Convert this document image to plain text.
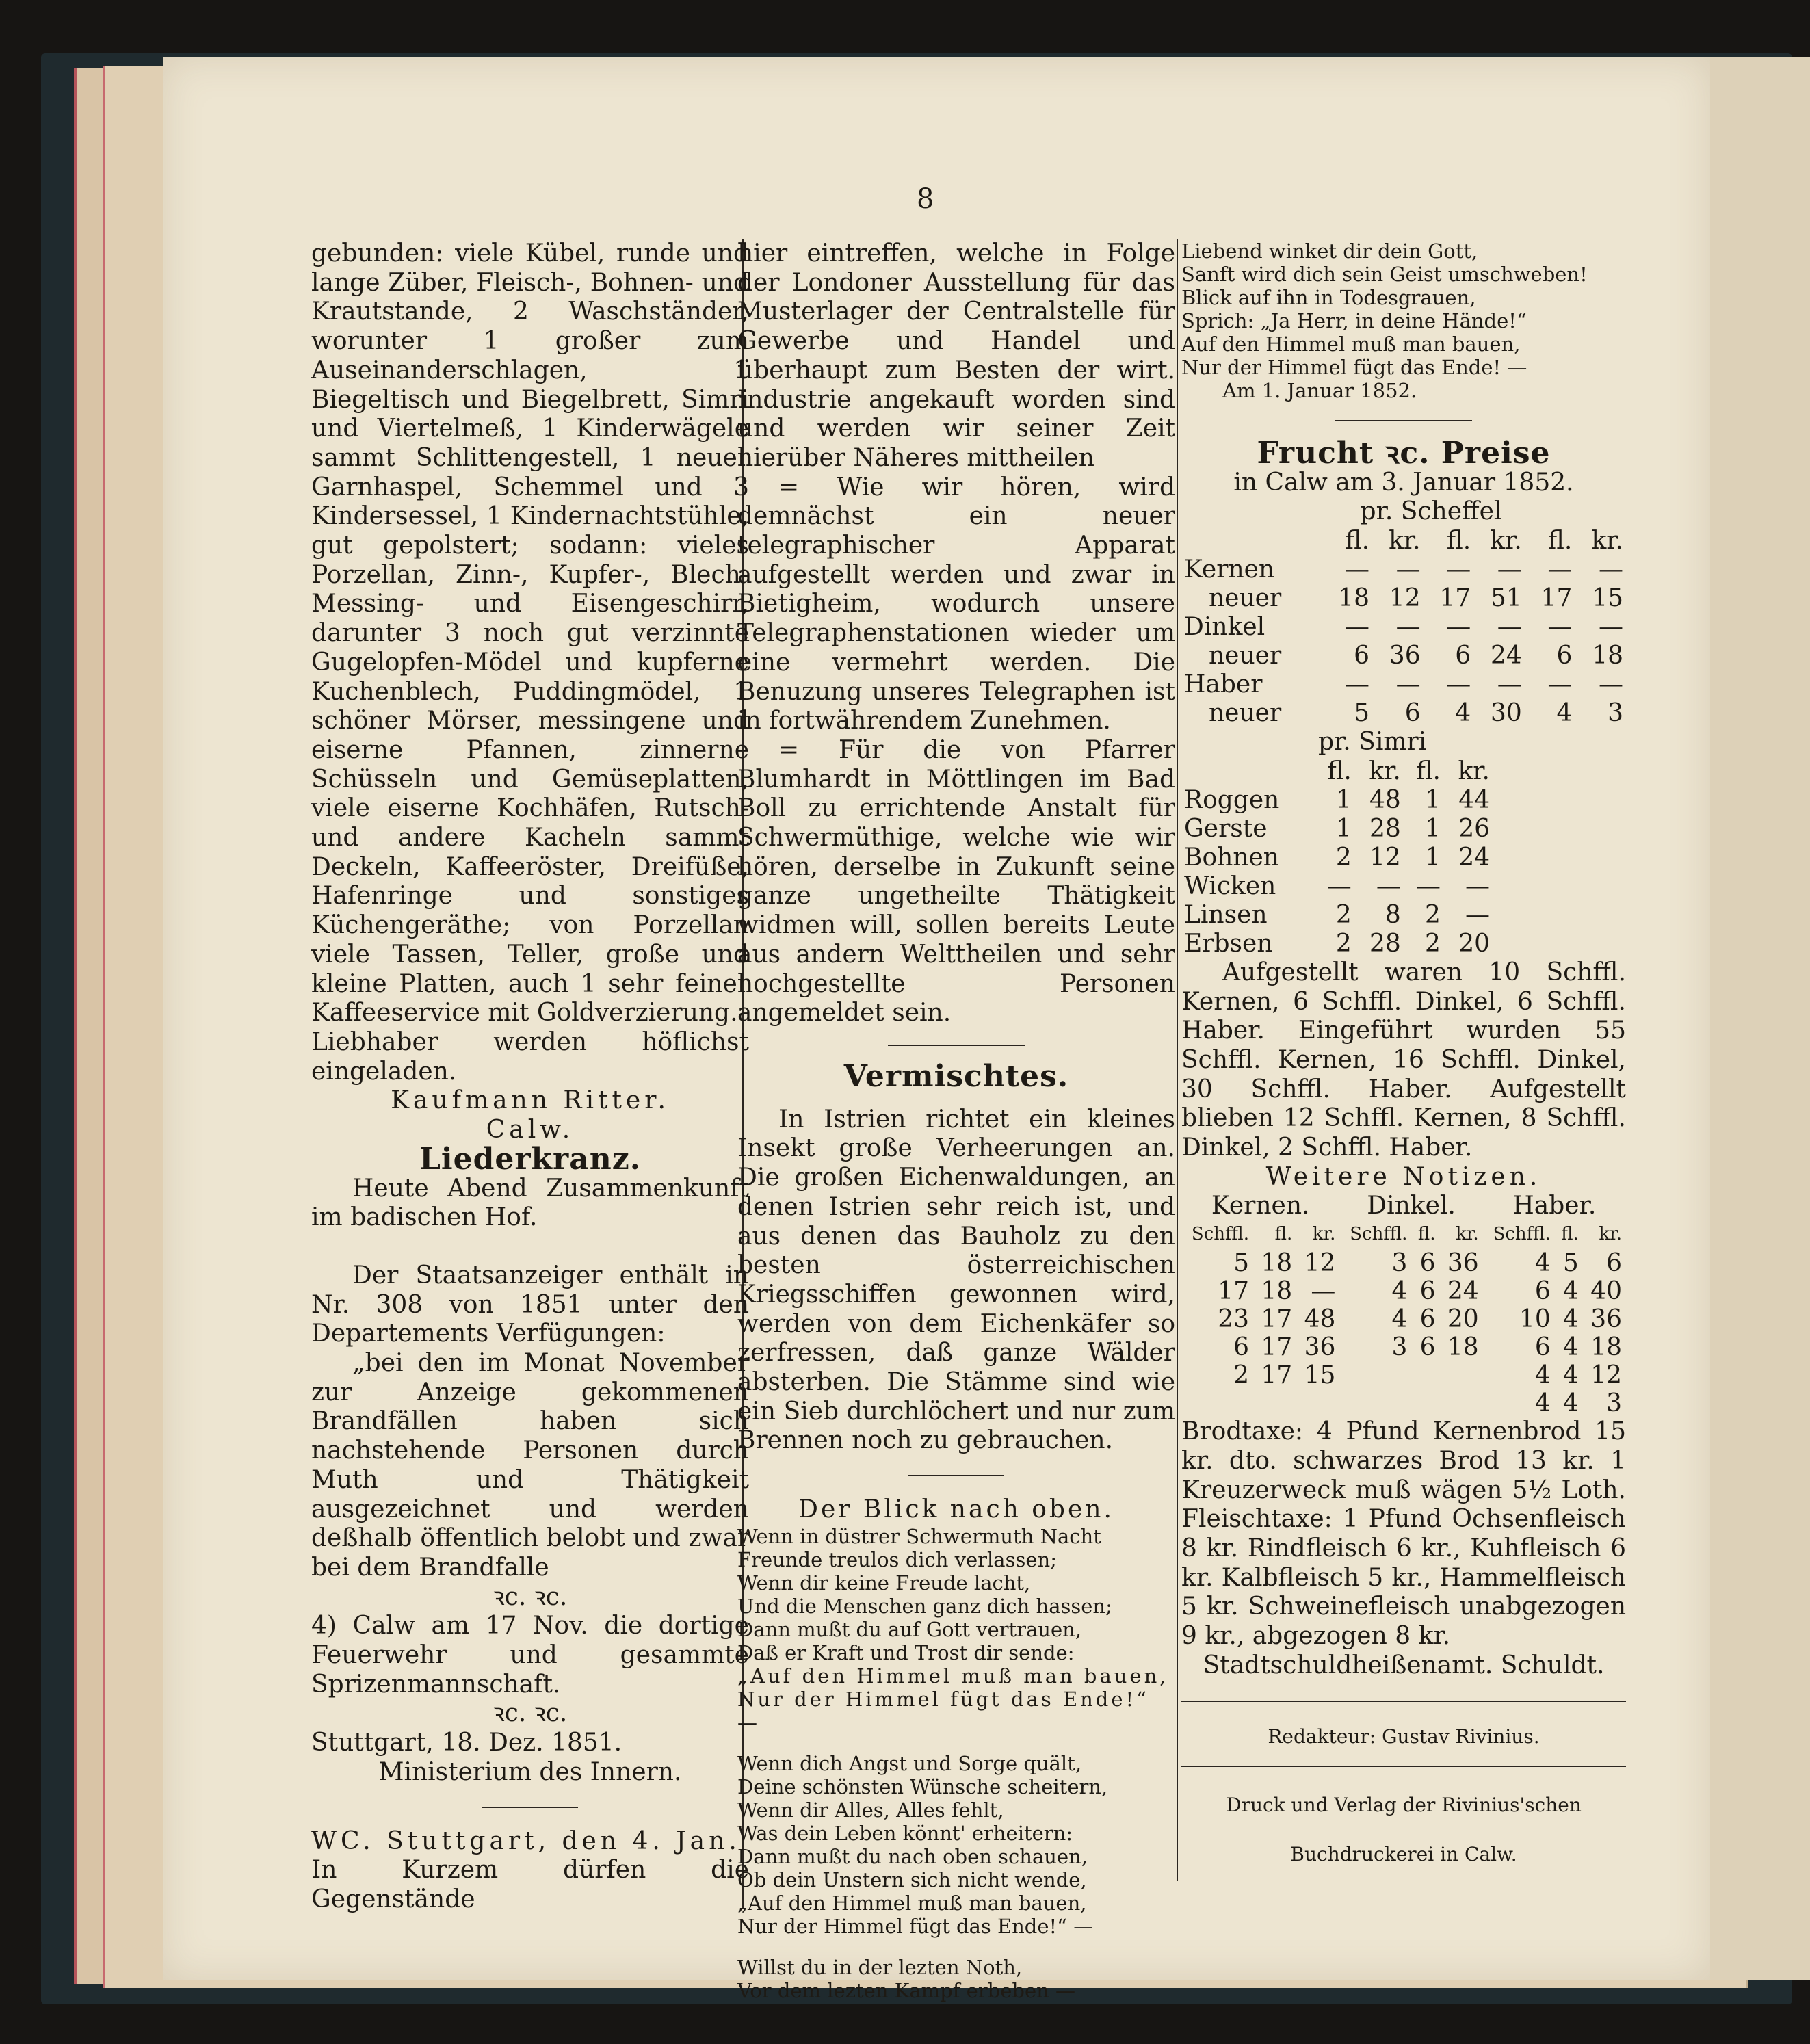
8

gebunden: viele Kübel, runde und lange Züber, Fleisch-, Bohnen- und Krautstande, 2 Waschständer, worunter 1 großer zum Auseinanderschlagen, 1 Biegeltisch und Biegelbrett, Simri und Viertelmeß, 1 Kinderwägele sammt Schlittengestell, 1 neuer Garnhaspel, Schemmel und 3 Kindersessel, 1 Kindernachtstühle, gut gepolstert; sodann: vieles Porzellan, Zinn-, Kupfer-, Blech-Messing- und Eisengeschirr, darunter 3 noch gut verzinnte Gugelopfen-Mödel und kupferne Kuchenblech, Puddingmödel, 1 schöner Mörser, messingene und eiserne Pfannen, zinnerne Schüsseln und Gemüseplatten, viele eiserne Kochhäfen, Rutsch- und andere Kacheln sammt Deckeln, Kaffeeröster, Dreifüße, Hafenringe und sonstiges Küchengeräthe; von Porzellan viele Tassen, Teller, große und kleine Platten, auch 1 sehr feiner Kaffeeservice mit Goldverzierung.

Liebhaber werden höflichst eingeladen.

Kaufmann Ritter.

Calw.

Liederkranz.

Heute Abend Zusammenkunft im badischen Hof.

Der Staatsanzeiger enthält in Nr. 308 von 1851 unter den Departements Verfügungen:

„bei den im Monat November zur Anzeige gekommenen Brandfällen haben sich nachstehende Personen durch Muth und Thätigkeit ausgezeichnet und werden deßhalb öffentlich belobt und zwar bei dem Brandfalle

ꝛc. ꝛc.

4) Calw am 17 Nov. die dortige Feuerwehr und gesammte Sprizenmannschaft.

ꝛc. ꝛc.

Stuttgart, 18. Dez. 1851.

Ministerium des Innern.

WC. Stuttgart, den 4. Jan.

In Kurzem dürfen die Gegenstände

hier eintreffen, welche in Folge der Londoner Ausstellung für das Musterlager der Centralstelle für Gewerbe und Handel und überhaupt zum Besten der wirt. Industrie angekauft worden sind und werden wir seiner Zeit hierüber Näheres mittheilen

= Wie wir hören, wird demnächst ein neuer telegraphischer Apparat aufgestellt werden und zwar in Bietigheim, wodurch unsere Telegraphenstationen wieder um eine vermehrt werden. Die Benuzung unseres Telegraphen ist in fortwährendem Zunehmen.

= Für die von Pfarrer Blumhardt in Möttlingen im Bad Boll zu errichtende Anstalt für Schwermüthige, welche wie wir hören, derselbe in Zukunft seine ganze ungetheilte Thätigkeit widmen will, sollen bereits Leute aus andern Welttheilen und sehr hochgestellte Personen angemeldet sein.

Vermischtes.

In Istrien richtet ein kleines Insekt große Verheerungen an. Die großen Eichenwaldungen, an denen Istrien sehr reich ist, und aus denen das Bauholz zu den besten österreichischen Kriegsschiffen gewonnen wird, werden von dem Eichenkäfer so zerfressen, daß ganze Wälder absterben. Die Stämme sind wie ein Sieb durchlöchert und nur zum Brennen noch zu gebrauchen.

Der Blick nach oben.

Wenn in düstrer Schwermuth Nacht

Freunde treulos dich verlassen;

Wenn dir keine Freude lacht,

Und die Menschen ganz dich hassen;

Dann mußt du auf Gott vertrauen,

Daß er Kraft und Trost dir sende:

„Auf den Himmel muß man bauen,

Nur der Himmel fügt das Ende!“ —

Wenn dich Angst und Sorge quält,

Deine schönsten Wünsche scheitern,

Wenn dir Alles, Alles fehlt,

Was dein Leben könnt' erheitern:

Dann mußt du nach oben schauen,

Ob dein Unstern sich nicht wende,

„Auf den Himmel muß man bauen,

Nur der Himmel fügt das Ende!“ —

Willst du in der lezten Noth,

Vor dem lezten Kampf erbeben —

Liebend winket dir dein Gott,

Sanft wird dich sein Geist umschweben!

Blick auf ihn in Todesgrauen,

Sprich: „Ja Herr, in deine Hände!“

Auf den Himmel muß man bauen,

Nur der Himmel fügt das Ende! —

Am 1. Januar 1852.

Frucht ꝛc. Preise

in Calw am 3. Januar 1852.

pr. Scheffel

	fl.	kr.	fl.	kr.	fl.	kr.
Kernen	—	—	—	—	—	—
neuer	18	12	17	51	17	15
Dinkel	—	—	—	—	—	—
neuer	6	36	6	24	6	18
Haber	—	—	—	—	—	—
neuer	5	6	4	30	4	3

pr. Simri

	fl.	kr.	fl.	kr.
Roggen	1	48	1	44
Gerste	1	28	1	26
Bohnen	2	12	1	24
Wicken	—	—	—	—
Linsen	2	8	2	—
Erbsen	2	28	2	20

Aufgestellt waren 10 Schffl. Kernen, 6 Schffl. Dinkel, 6 Schffl. Haber. Eingeführt wurden 55 Schffl. Kernen, 16 Schffl. Dinkel, 30 Schffl. Haber. Aufgestellt blieben 12 Schffl. Kernen, 8 Schffl. Dinkel, 2 Schffl. Haber.

Weitere Notizen.

Kernen.			Dinkel.			Haber.		
Schffl.	fl.	kr.	Schffl.	fl.	kr.	Schffl.	fl.	kr.
5	18	12	3	6	36	4	5	6
17	18	—	4	6	24	6	4	40
23	17	48	4	6	20	10	4	36
6	17	36	3	6	18	6	4	18
2	17	15				4	4	12
						4	4	3

Brodtaxe: 4 Pfund Kernenbrod 15 kr. dto. schwarzes Brod 13 kr. 1 Kreuzerweck muß wägen 5½ Loth. Fleischtaxe: 1 Pfund Ochsenfleisch 8 kr. Rindfleisch 6 kr., Kuhfleisch 6 kr. Kalbfleisch 5 kr., Hammelfleisch 5 kr. Schweinefleisch unabgezogen 9 kr., abgezogen 8 kr.

Stadtschuldheißenamt. Schuldt.

Redakteur: Gustav Rivinius.

Druck und Verlag der Rivinius'schen Buchdruckerei in Calw.
